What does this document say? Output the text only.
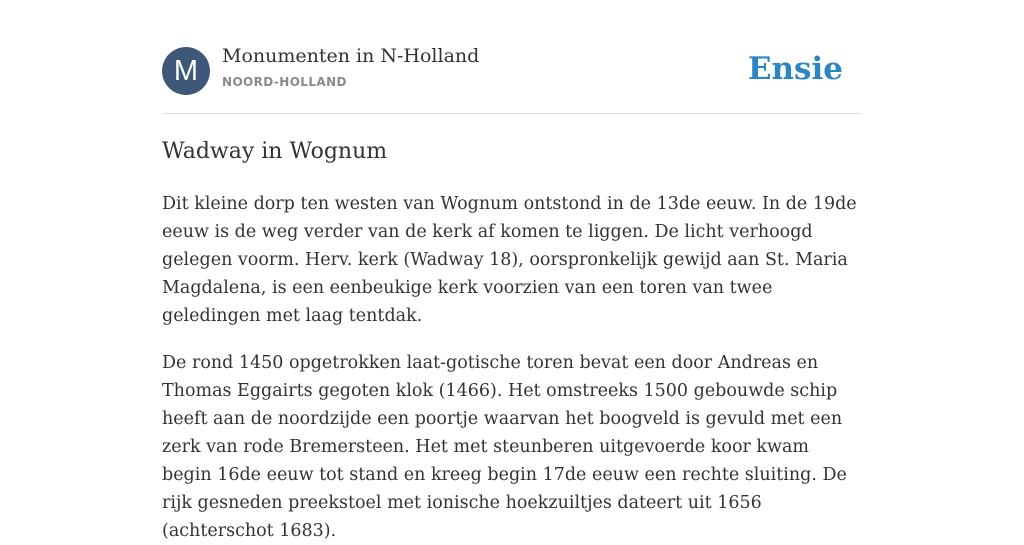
M	Monumenten in N-Holland
NOORD-HOLLAND	Ensie
Wadway in Wognum

Dit kleine dorp ten westen van Wognum ontstond in de 13de eeuw. In de 19de eeuw is de weg verder van de kerk af komen te liggen. De licht verhoogd gelegen voorm. Herv. kerk (Wadway 18), oorspronkelijk gewijd aan St. Maria Magdalena, is een eenbeukige kerk voorzien van een toren van twee geledingen met laag tentdak.

De rond 1450 opgetrokken laat-gotische toren bevat een door Andreas en Thomas Eggairts gegoten klok (1466). Het omstreeks 1500 gebouwde schip heeft aan de noordzijde een poortje waarvan het boogveld is gevuld met een zerk van rode Bremersteen. Het met steunberen uitgevoerde koor kwam begin 16de eeuw tot stand en kreeg begin 17de eeuw een rechte sluiting. De rijk gesneden preekstoel met ionische hoekzuiltjes dateert uit 1656 (achterschot 1683).
